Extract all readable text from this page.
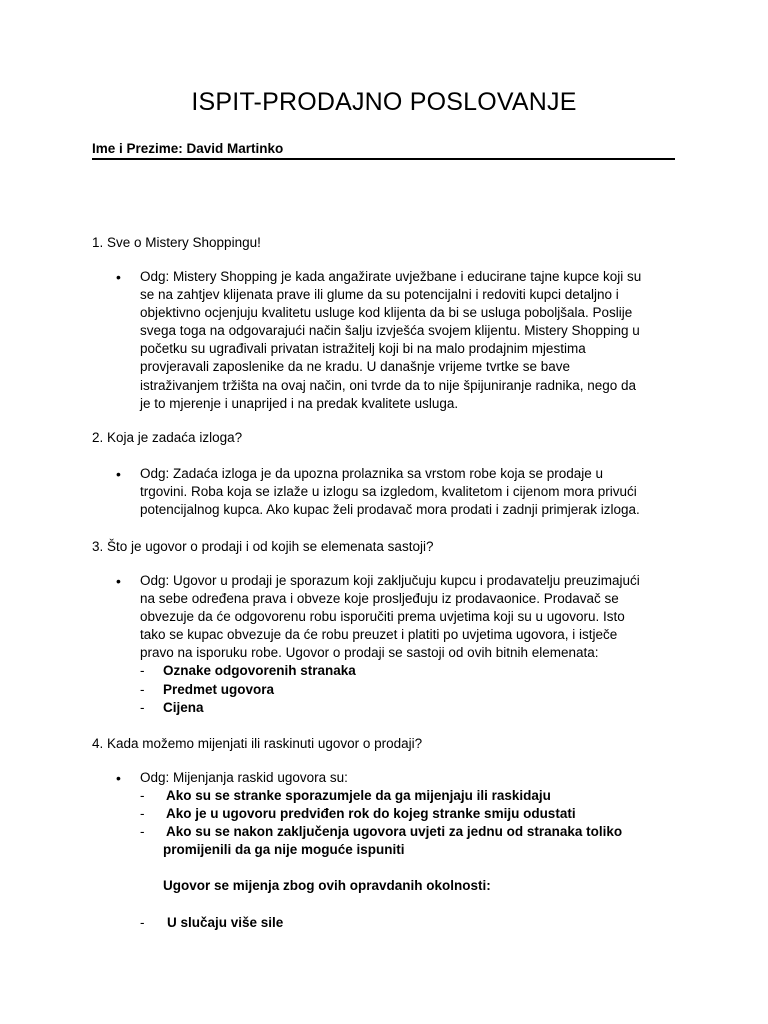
ISPIT-PRODAJNO POSLOVANJE
Ime i Prezime: David Martinko
1. Sve o Mistery Shoppingu!
•	Odg: Mistery Shopping je kada angažirate uvježbane i educirane tajne kupce koji su

se na zahtjev klijenata prave ili glume da su potencijalni i redoviti kupci detaljno i

objektivno ocjenjuju kvalitetu usluge kod klijenta da bi se usluga poboljšala. Poslije

svega toga na odgovarajući način šalju izvješća svojem klijentu. Mistery Shopping u

početku su ugrađivali privatan istražitelj koji bi na malo prodajnim mjestima

provjeravali zaposlenike da ne kradu. U današnje vrijeme tvrtke se bave

istraživanjem tržišta na ovaj način, oni tvrde da to nije špijuniranje radnika, nego da

je to mjerenje i unaprijed i na predak kvalitete usluga.

2. Koja je zadaća izloga?
•	Odg: Zadaća izloga je da upozna prolaznika sa vrstom robe koja se prodaje u

trgovini. Roba koja se izlaže u izlogu sa izgledom, kvalitetom i cijenom mora privući

potencijalnog kupca. Ako kupac želi prodavač mora prodati i zadnji primjerak izloga.

3. Što je ugovor o prodaji i od kojih se elemenata sastoji?
•	Odg: Ugovor u prodaji je sporazum koji zaključuju kupcu i prodavatelju preuzimajući

na sebe određena prava i obveze koje prosljeđuju iz prodavaonice. Prodavač se

obvezuje da će odgovorenu robu isporučiti prema uvjetima koji su u ugovoru. Isto

tako se kupac obvezuje da će robu preuzet i platiti po uvjetima ugovora, i istječe

pravo na isporuku robe. Ugovor o prodaji se sastoji od ovih bitnih elemenata:

- Oznake odgovorenih stranaka
- Predmet ugovora
- Cijena
4. Kada možemo mijenjati ili raskinuti ugovor o prodaji?
•	Odg: Mijenjanja raskid ugovora su:

- Ako su se stranke sporazumjele da ga mijenjaju ili raskidaju
- Ako je u ugovoru predviđen rok do kojeg stranke smiju odustati
- Ako su se nakon zaključenja ugovora uvjeti za jednu od stranaka toliko
promijenili da ga nije moguće ispuniti
Ugovor se mijenja zbog ovih opravdanih okolnosti:
- U slučaju više sile
